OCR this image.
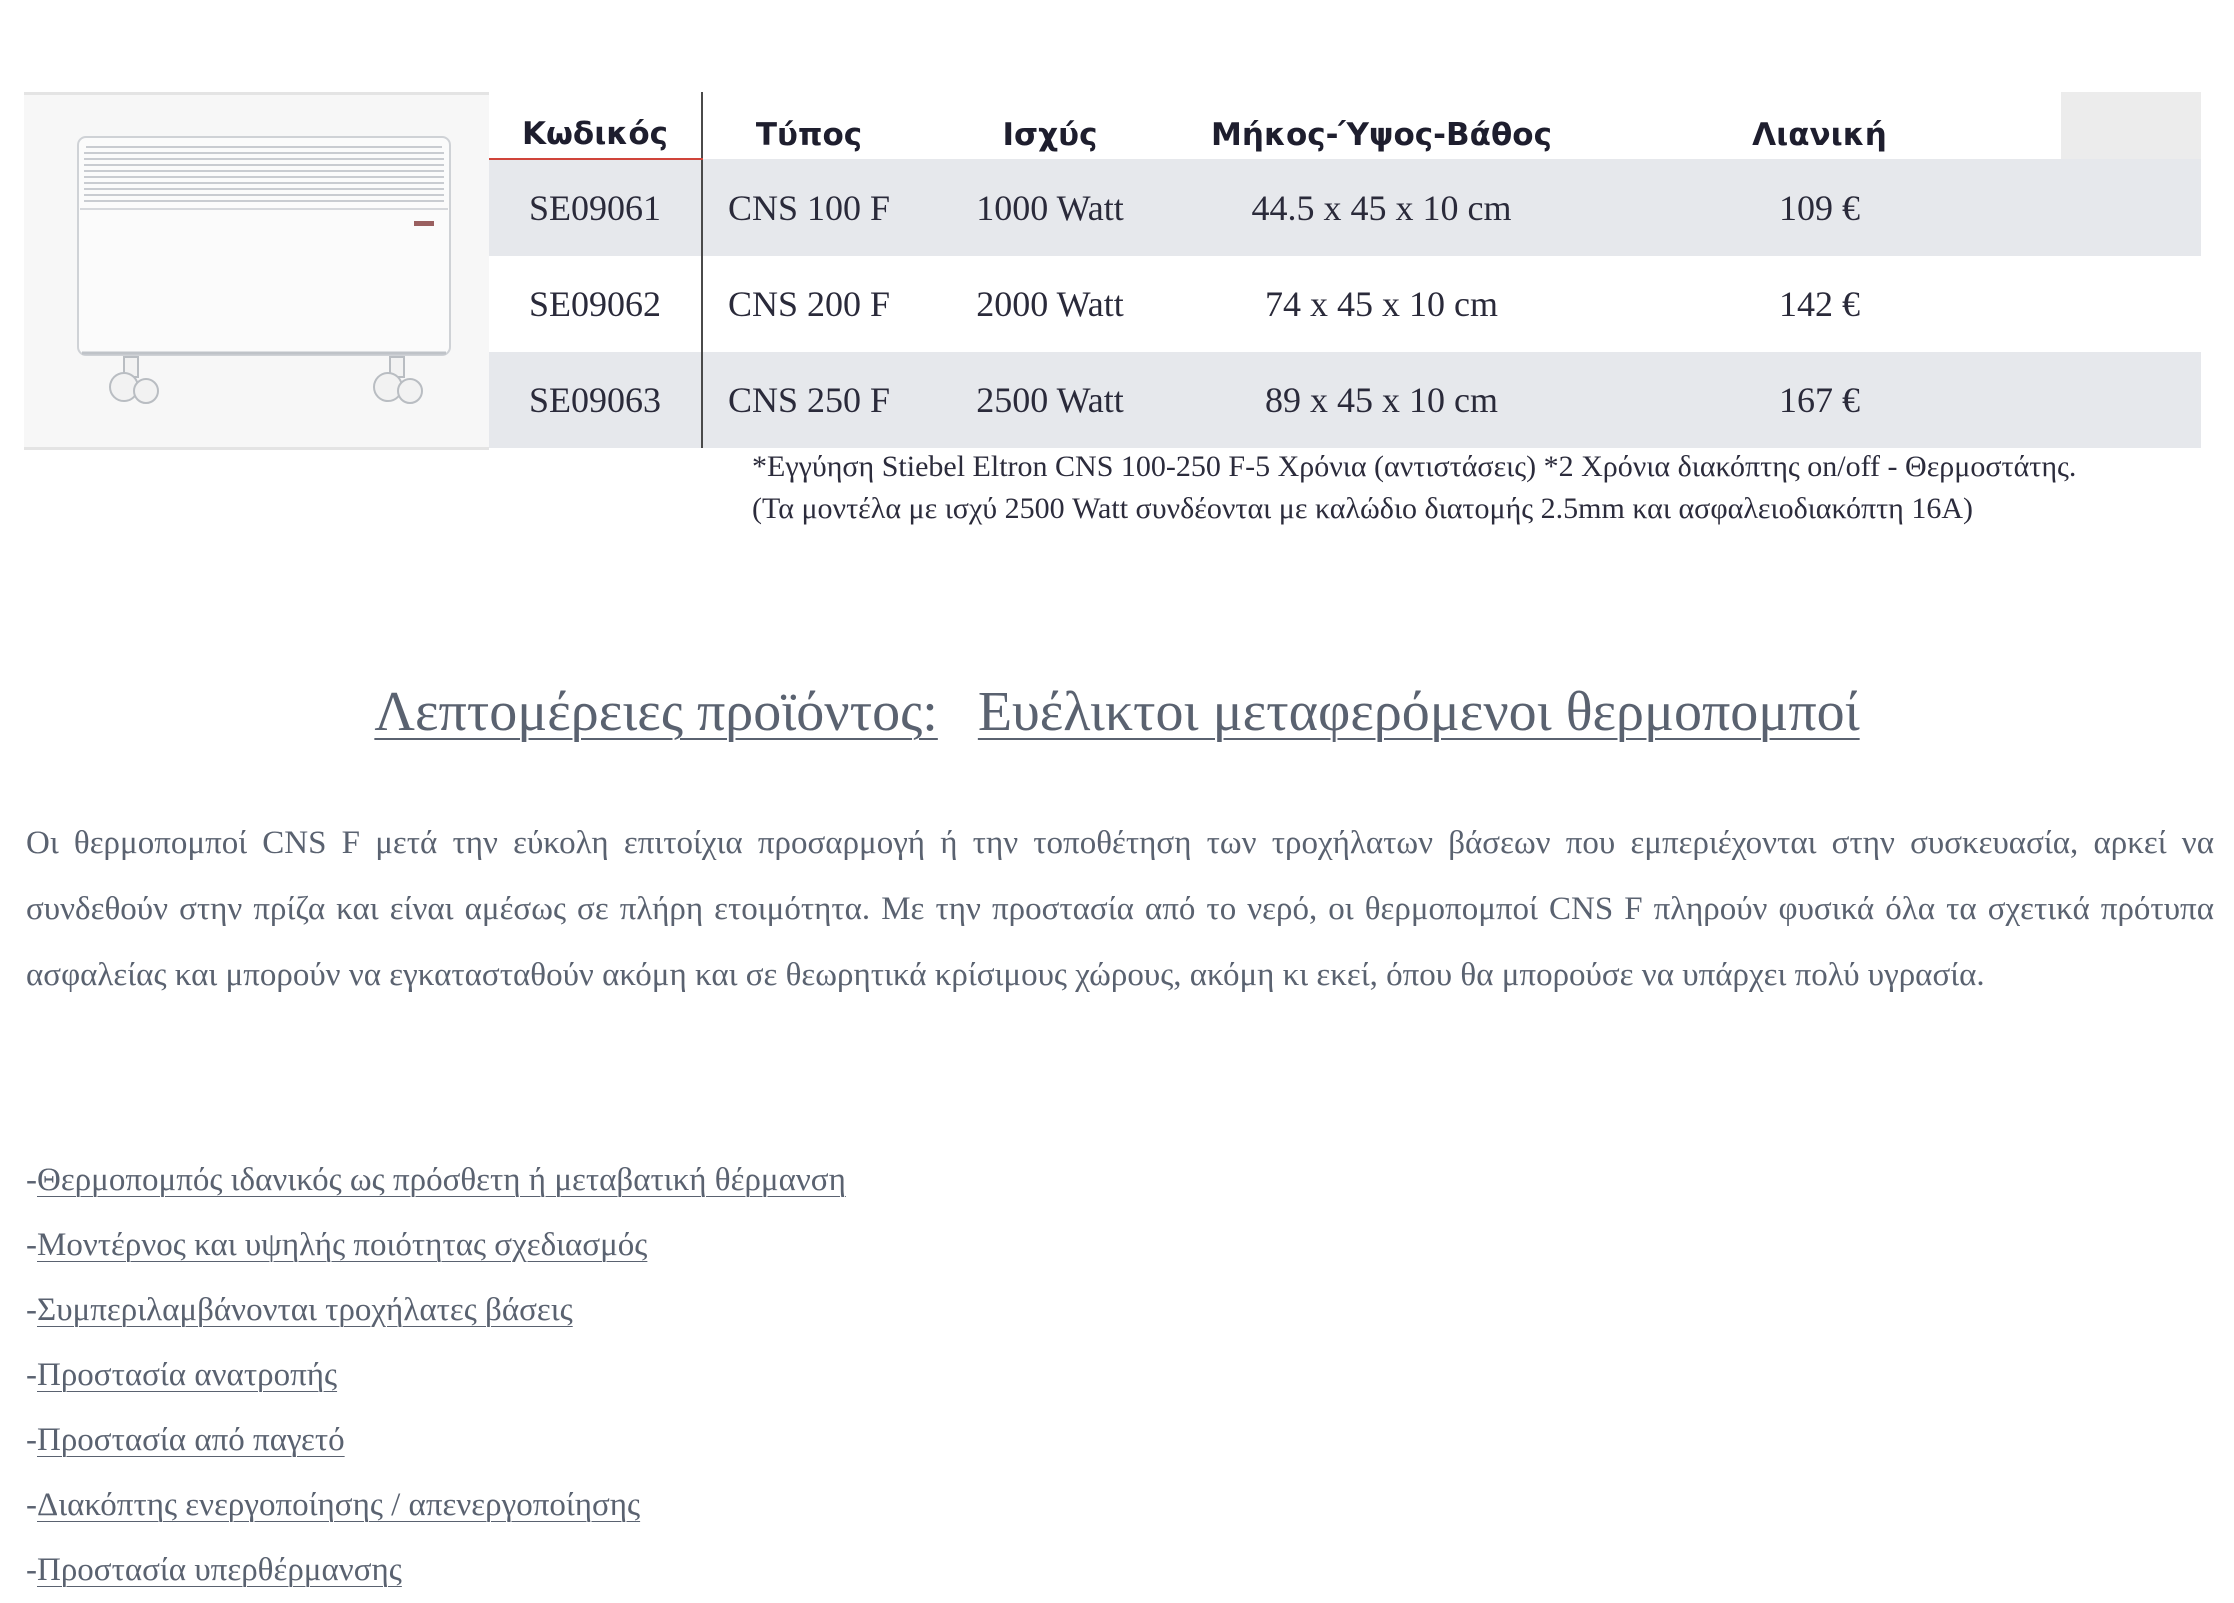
Κωδικός	Τύπος	Ισχύς	Μήκος-Ύψος-Βάθος	Λιανική	
SE09061	CNS 100 F	1000 Watt	44.5 x 45 x 10 cm	109 €	
SE09062	CNS 200 F	2000 Watt	74 x 45 x 10 cm	142 €	
SE09063	CNS 250 F	2500 Watt	89 x 45 x 10 cm	167 €	
*Εγγύηση Stiebel Eltron CNS 100-250 F-5 Χρόνια (αντιστάσεις) *2 Χρόνια διακόπτης on/off - Θερμοστάτης.
(Τα μοντέλα με ισχύ 2500 Watt συνδέονται με καλώδιο διατομής 2.5mm και ασφαλειοδιακόπτη 16Α)
Λεπτομέρειες προϊόντος: Ευέλικτοι μεταφερόμενοι θερμοπομποί
Οι θερμοπομποί CNS F μετά την εύκολη επιτοίχια προσαρμογή ή την τοποθέτηση των τροχήλατων βάσεων που εμπεριέχονται στην συσκευασία, αρκεί να συνδεθούν στην πρίζα και είναι αμέσως σε πλήρη ετοιμότητα. Με την προστασία από το νερό, οι θερμοπομποί CNS F πληρούν φυσικά όλα τα σχετικά πρότυπα ασφαλείας και μπορούν να εγκατασταθούν ακόμη και σε θεωρητικά κρίσιμους χώρους, ακόμη κι εκεί, όπου θα μπορούσε να υπάρχει πολύ υγρασία.
-Θερμοπομπός ιδανικός ως πρόσθετη ή μεταβατική θέρμανση
-Μοντέρνος και υψηλής ποιότητας σχεδιασμός
-Συμπεριλαμβάνονται τροχήλατες βάσεις
-Προστασία ανατροπής
-Προστασία από παγετό
-Διακόπτης ενεργοποίησης / απενεργοποίησης
-Προστασία υπερθέρμανσης
